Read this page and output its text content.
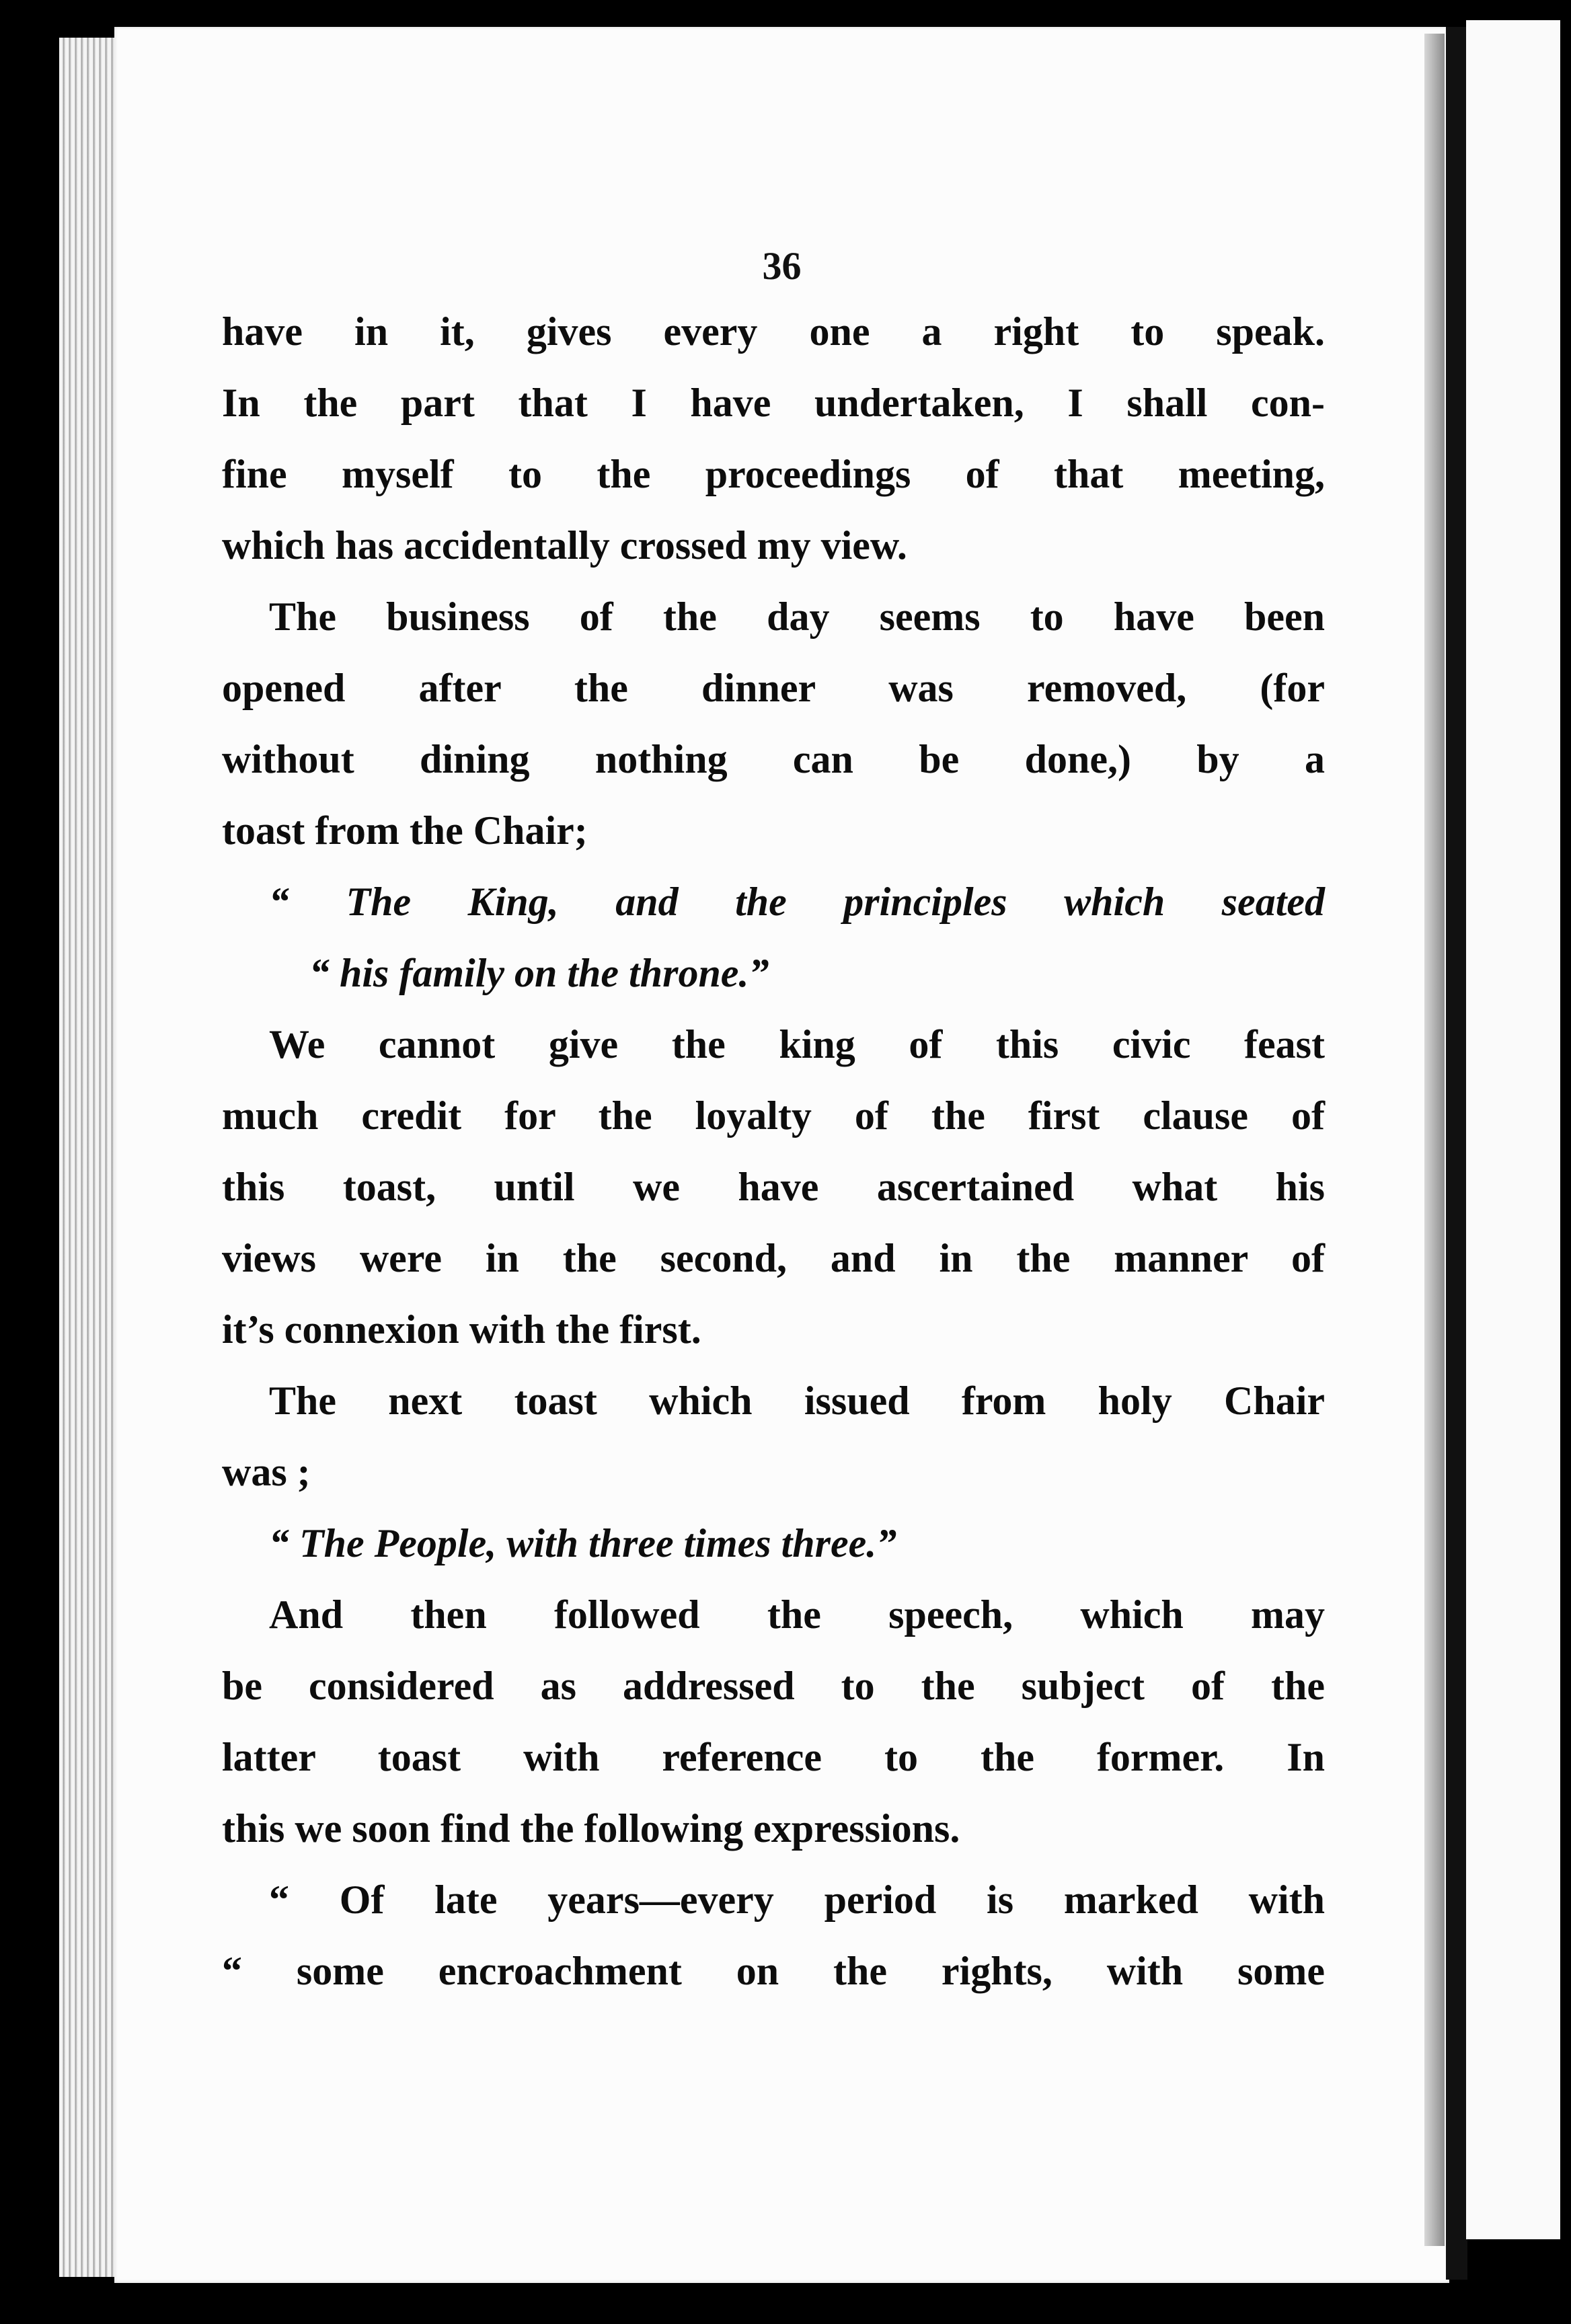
36
have in it, gives every one a right to speak.
In the part that I have undertaken, I shall con-
fine myself to the proceedings of that meeting,
which has accidentally crossed my view.
The business of the day seems to have been
opened after the dinner was removed, (for
without dining nothing can be done,) by a
toast from the Chair;
“ The King, and the principles which seated
“ his family on the throne.”
We cannot give the king of this civic feast
much credit for the loyalty of the first clause of
this toast, until we have ascertained what his
views were in the second, and in the manner of
it’s connexion with the first.
The next toast which issued from holy Chair
was ;
“ The People, with three times three.”
And then followed the speech, which may
be considered as addressed to the subject of the
latter toast with reference to the former. In
this we soon find the following expressions.
“ Of late years—every period is marked with
“ some encroachment on the rights, with some
